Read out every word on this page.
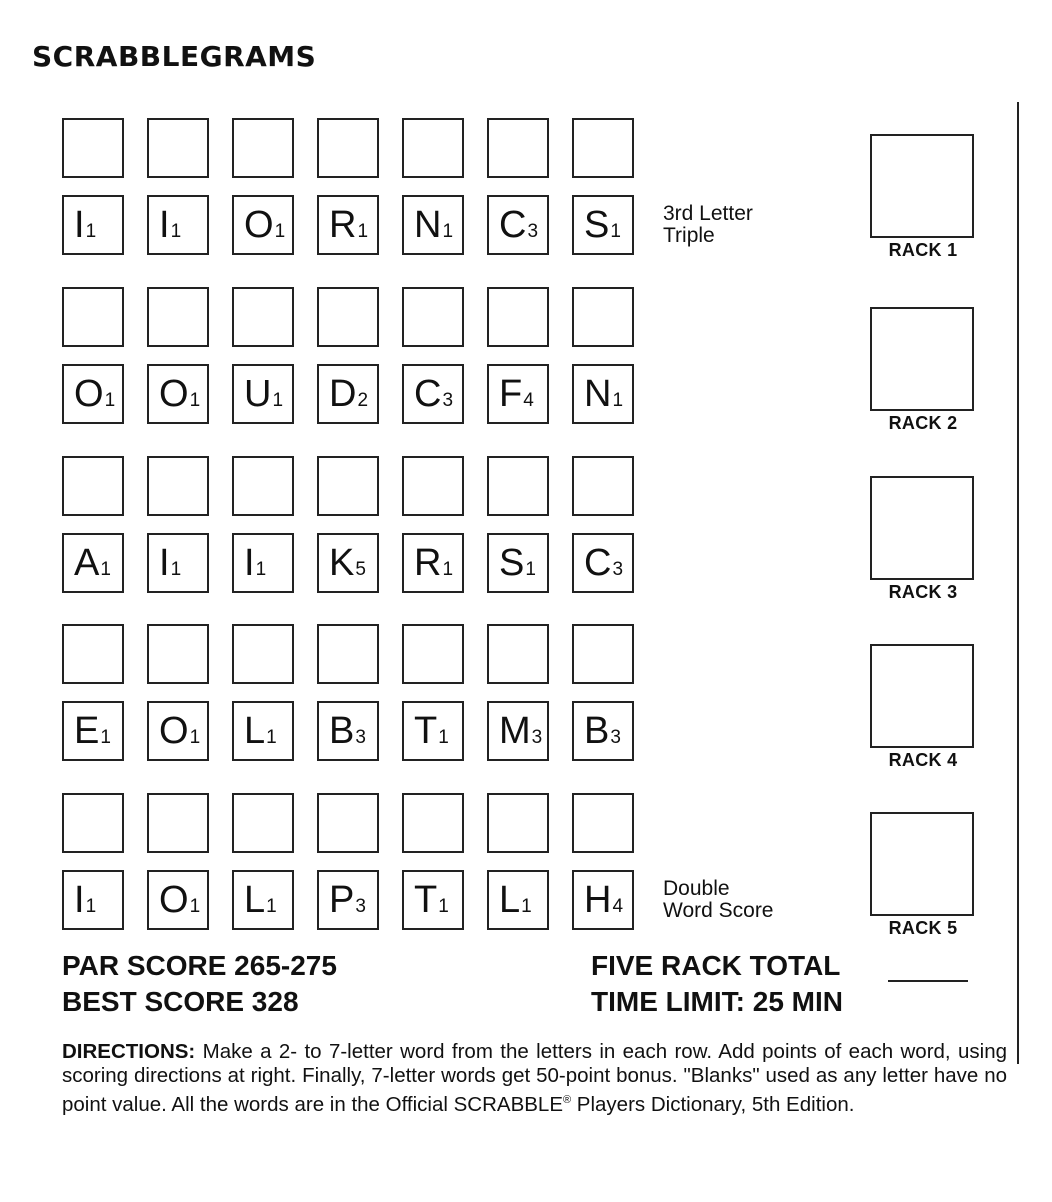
SCRABBLEGRAMS
I1 I1 O1 R1 N1 C3 S1
3rd Letter
Triple
RACK 1
O1 O1 U1 D2 C3 F4 N1
RACK 2
A1 I1 I1 K5 R1 S1 C3
RACK 3
E1 O1 L1 B3 T1 M3 B3
RACK 4
I1 O1 L1 P3 T1 L1 H4
Double
Word Score
RACK 5
PAR SCORE 265-275
BEST SCORE 328
FIVE RACK TOTAL
TIME LIMIT: 25 MIN
DIRECTIONS: Make a 2- to 7-letter word from the letters in each row. Add points of each word, using scoring directions at right. Finally, 7-letter words get 50-point bonus. "Blanks" used as any letter have no point value. All the words are in the Official SCRABBLE® Players Dictionary, 5th Edition.
